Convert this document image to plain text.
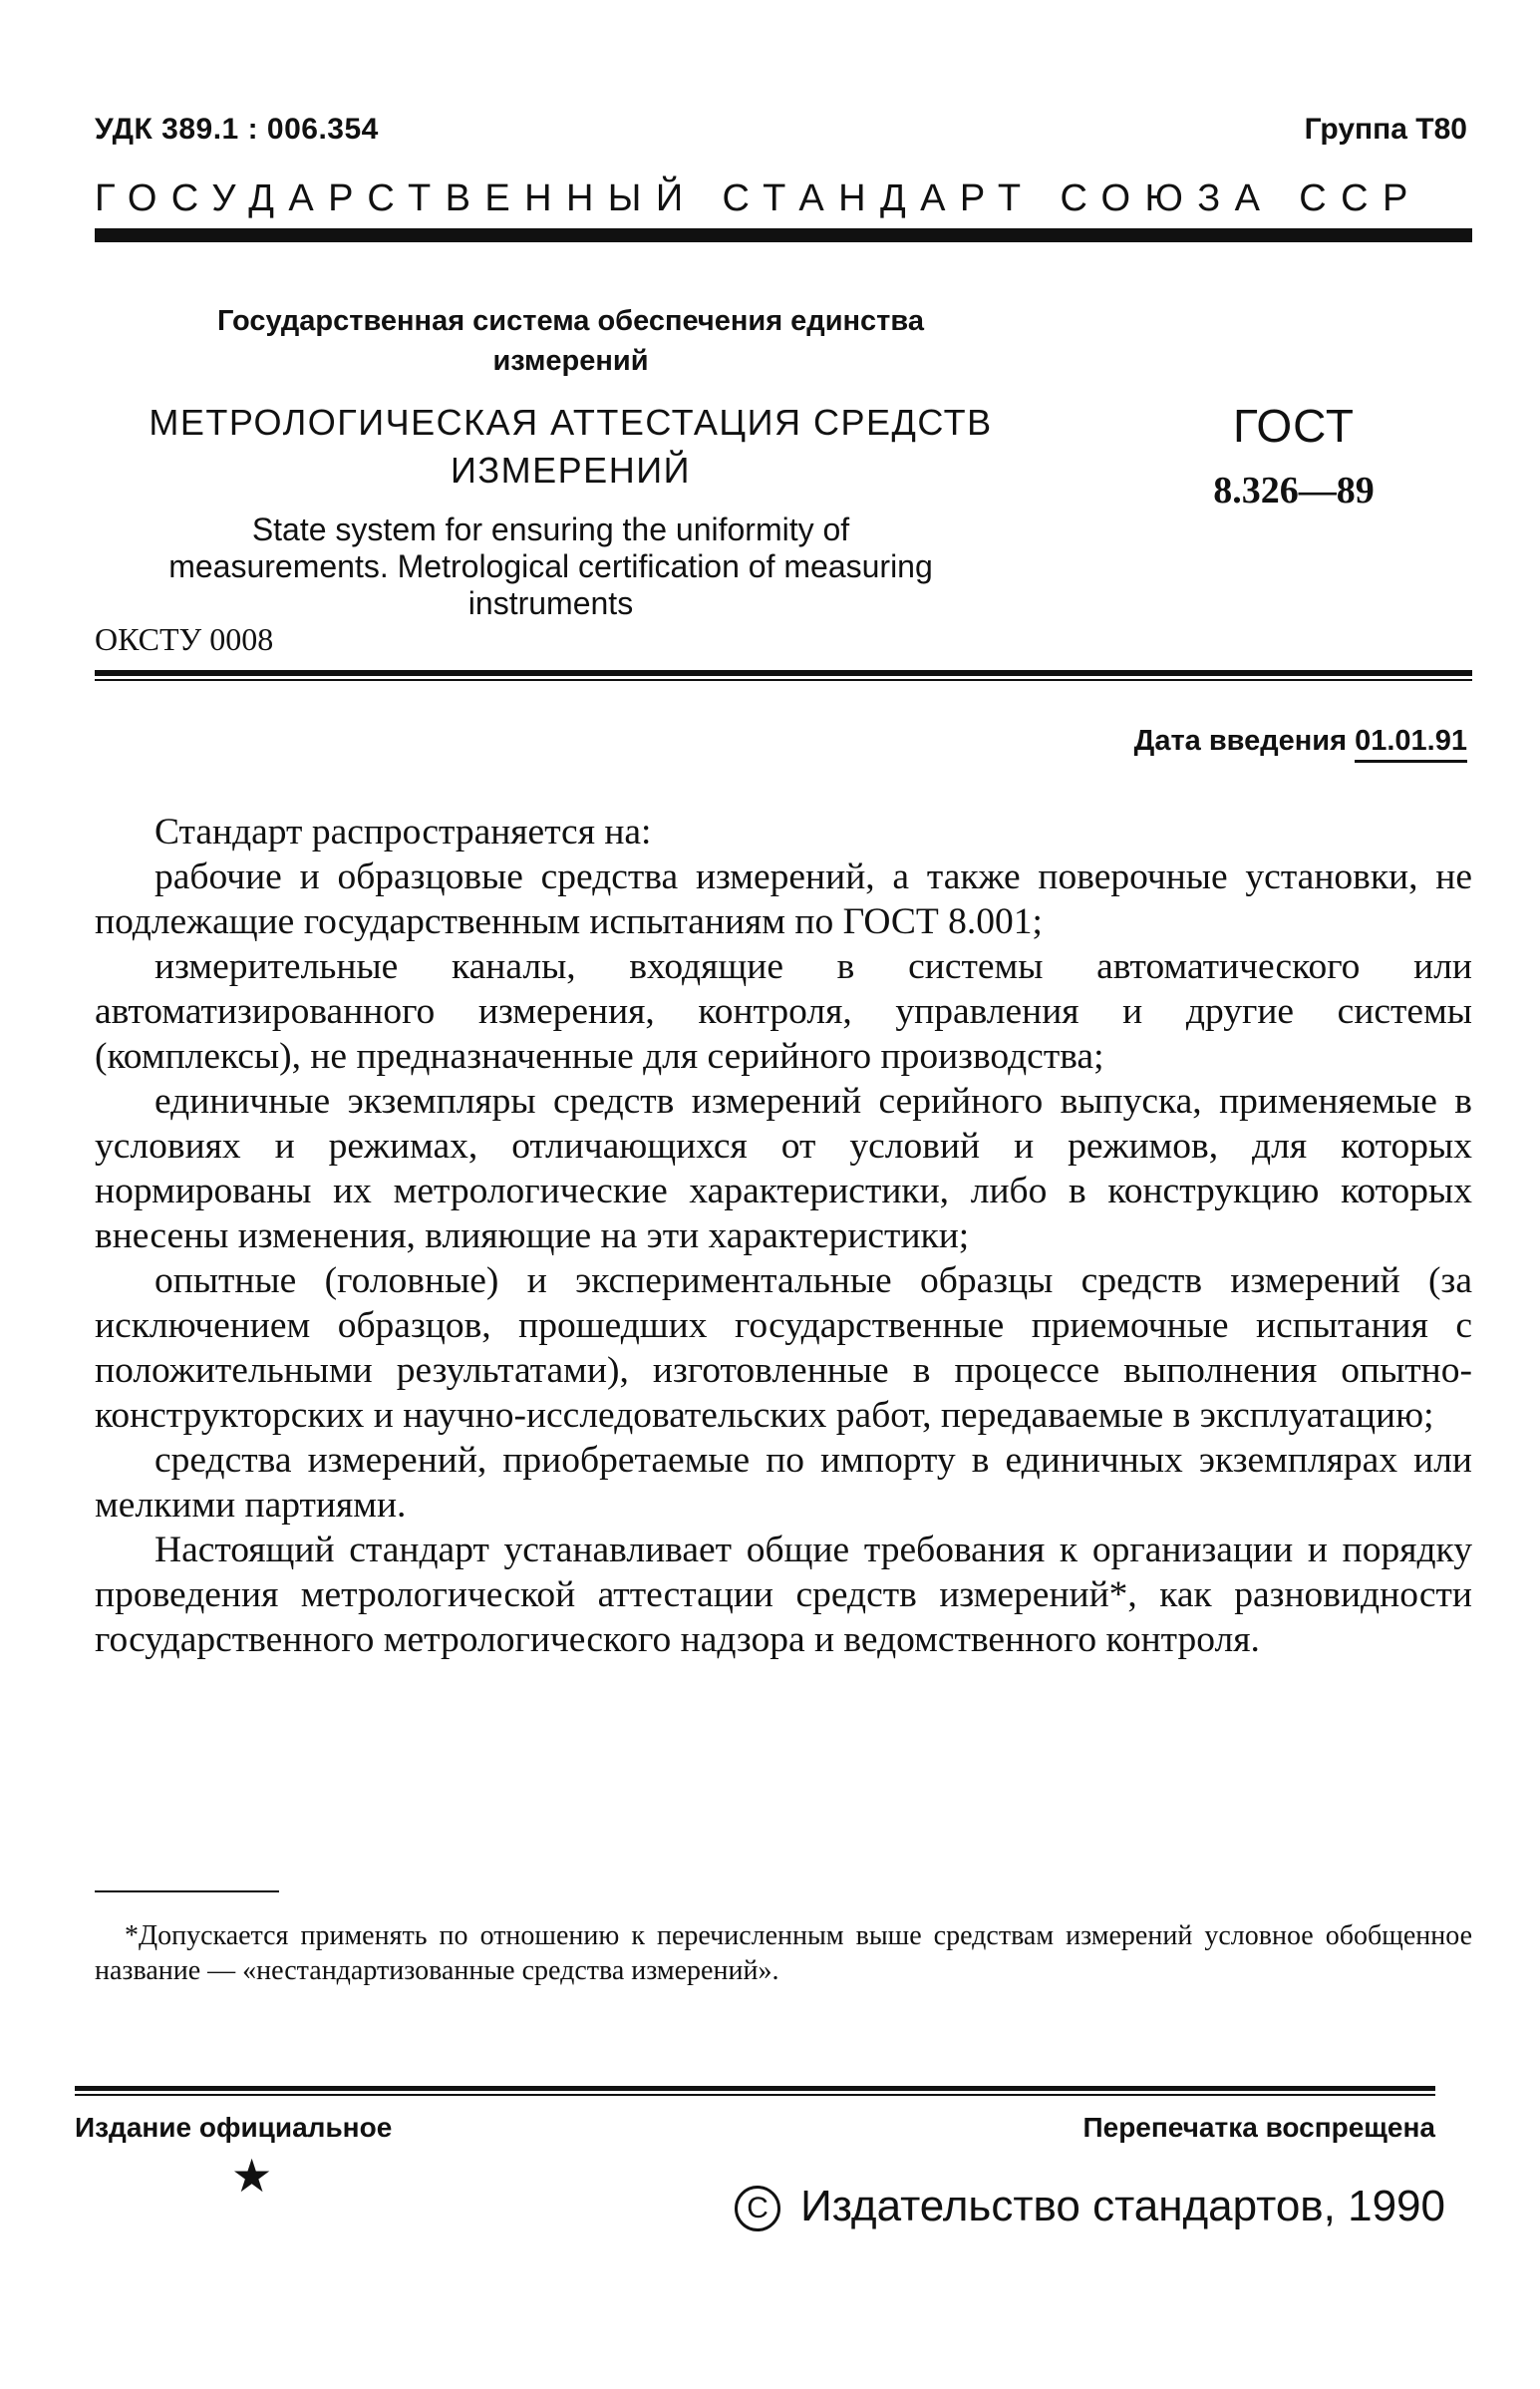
УДК 389.1 : 006.354	Группа Т80
ГОСУДАРСТВЕННЫЙ СТАНДАРТ СОЮЗА ССР
Государственная система обеспечения единства измерений
МЕТРОЛОГИЧЕСКАЯ АТТЕСТАЦИЯ СРЕДСТВ ИЗМЕРЕНИЙ
ГОСТ
8.326—89
State system for ensuring the uniformity of measurements. Metrological certification of measuring instruments
ОКСТУ 0008
Дата введения 01.01.91

Стандарт распространяется на:

рабочие и образцовые средства измерений, а также поверочные установки, не подлежащие государственным испытаниям по ГОСТ 8.001;

измерительные каналы, входящие в системы автоматического или автоматизированного измерения, контроля, управления и другие системы (комплексы), не предназначенные для серийного производства;

единичные экземпляры средств измерений серийного выпуска, применяемые в условиях и режимах, отличающихся от условий и режимов, для которых нормированы их метрологические характеристики, либо в конструкцию которых внесены изменения, влияющие на эти характеристики;

опытные (головные) и экспериментальные образцы средств измерений (за исключением образцов, прошедших государственные приемочные испытания с положительными результатами), изготовленные в процессе выполнения опытно-конструкторских и научно-исследовательских работ, передаваемые в эксплуатацию;

средства измерений, приобретаемые по импорту в единичных экземплярах или мелкими партиями.

Настоящий стандарт устанавливает общие требования к организации и порядку проведения метрологической аттестации средств измерений*, как разновидности государственного метрологического надзора и ведомственного контроля.

*Допускается применять по отношению к перечисленным выше средствам измерений условное обобщенное название — «нестандартизованные средства измерений».

Издание официальное	Перепечатка воспрещена
★
C Издательство стандартов, 1990
